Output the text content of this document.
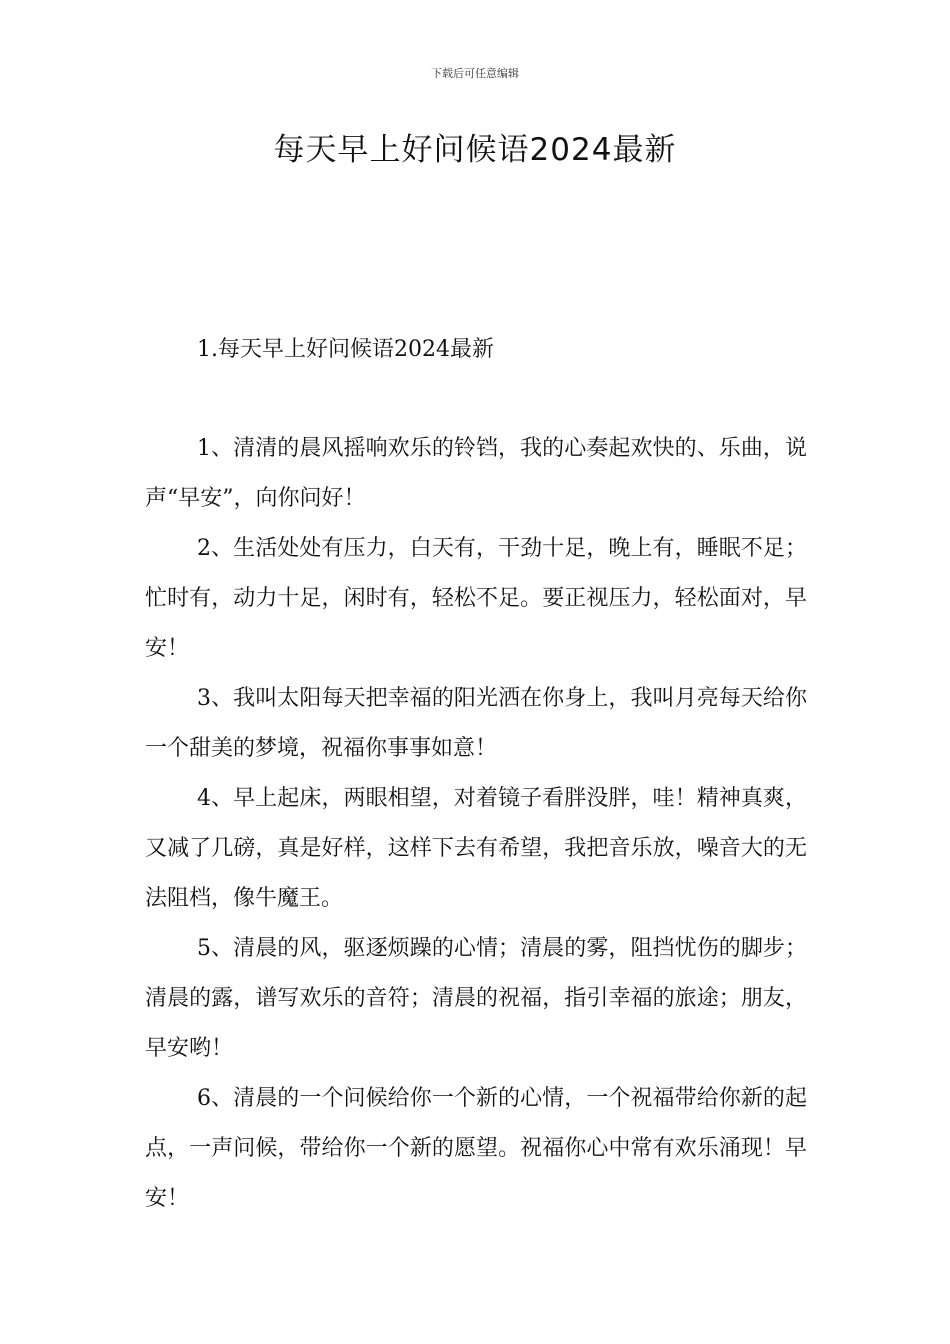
下载后可任意编辑
每天早上好问候语2024最新
1.每天早上好问候语2024最新

1、清清的晨风摇响欢乐的铃铛，我的心奏起欢快的、乐曲，说声“早安”，向你问好！

2、生活处处有压力，白天有，干劲十足，晚上有，睡眠不足；忙时有，动力十足，闲时有，轻松不足。要正视压力，轻松面对，早安！

3、我叫太阳每天把幸福的阳光洒在你身上，我叫月亮每天给你一个甜美的梦境，祝福你事事如意！

4、早上起床，两眼相望，对着镜子看胖没胖，哇！精神真爽，又减了几磅，真是好样，这样下去有希望，我把音乐放，噪音大的无法阻档，像牛魔王。

5、清晨的风，驱逐烦躁的心情；清晨的雾，阻挡忧伤的脚步；清晨的露，谱写欢乐的音符；清晨的祝福，指引幸福的旅途；朋友，早安哟！

6、清晨的一个问候给你一个新的心情，一个祝福带给你新的起点，一声问候，带给你一个新的愿望。祝福你心中常有欢乐涌现！早安！
